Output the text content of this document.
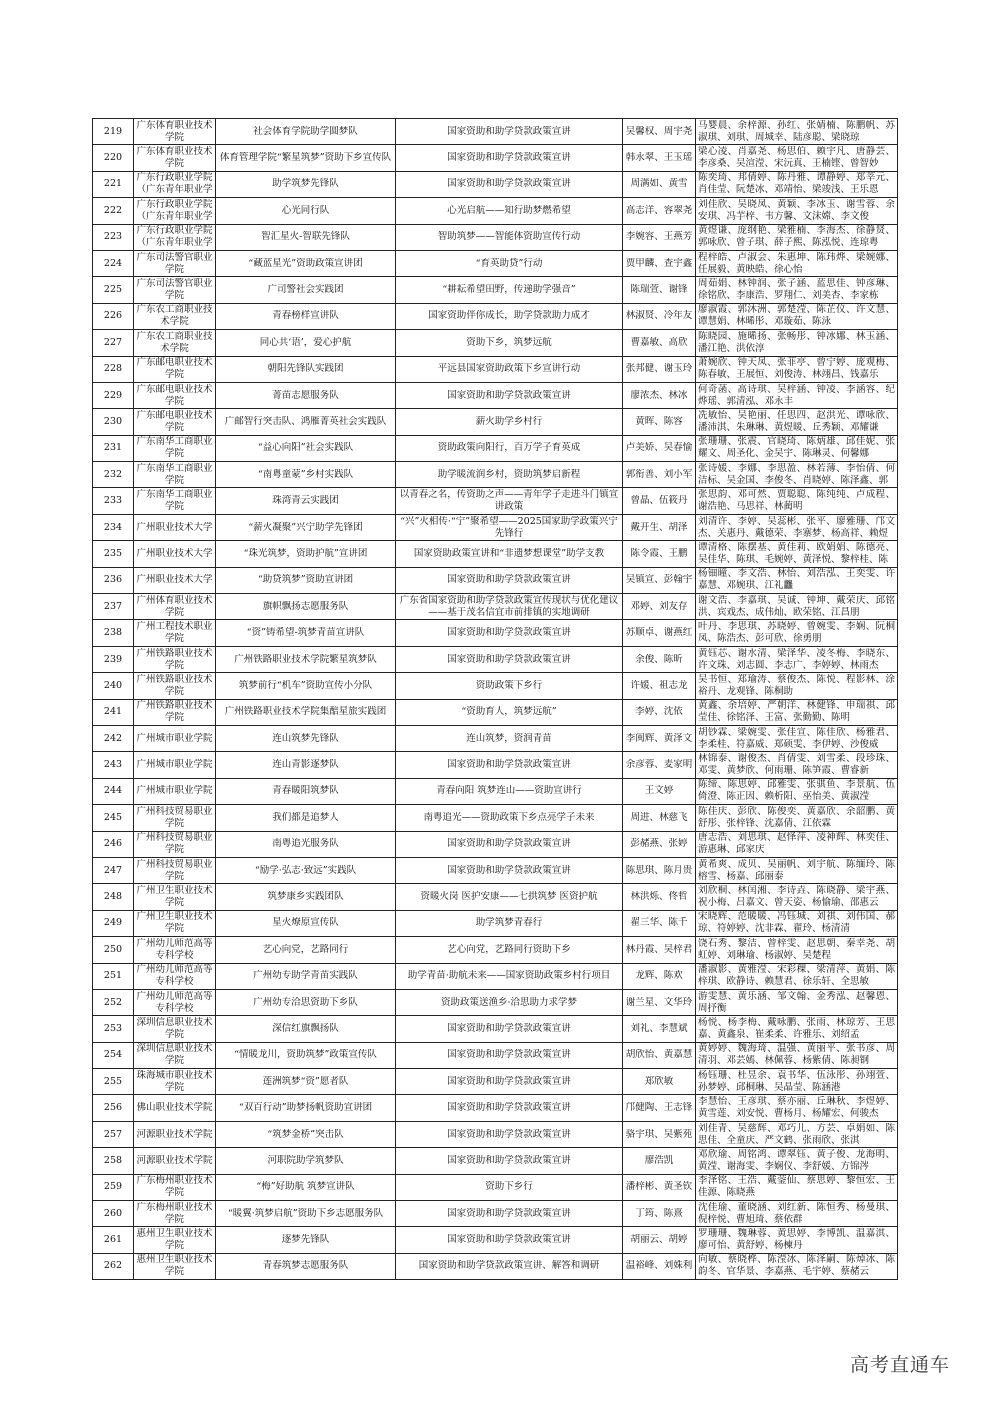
219	广东体育职业技术学院	社会体育学院助学圆梦队	国家资助和助学贷款政策宣讲	吴馨权、周宇尧	马婴晨、余梓源、孙红、张婧楠、陈鹏帆、苏淑琪、刘琪、周城幸、陆彦聪、梁晓琼

220	广东体育职业技术学院	体育管理学院“繁星筑梦”资助下乡宣传队	国家资助和助学贷款政策宣讲	韩永翠、王玉瑶	梁心凌、肖嘉尧、杨思伯、赖宇凡、唐静芸、李彦桑、吴渲滢、宋沅真、王楠铿、曾智妙

221	广东行政职业学院（广东青年职业学	助学筑梦先锋队	国家资助和助学贷款政策宣讲	周满如、黄雪	陈奕琦、邦倩婷、陈丹雅、谭静婷、郑莘元、肖佳莹、阮楚冰、邓靖怡、梁竣浅、王乐恩

222	广东行政职业学院（广东青年职业学	心光同行队	心光启航——知行助梦燃希望	高志洋、容翠尧	刘佳欣、吴晓凤、黄颖、李冰玉、谢雪蓉、余安琪、冯芋梓、韦方馨、文沫嫦、李文俊

223	广东行政职业学院（广东青年职业学	智汇星火-智联先锋队	智助筑梦——智能体资助宣传行动	李婉容、王燕芳	黄煜谦、庞纲艳、梁雅楠、李海杰、徐静贤、郭咏欣、曾子琪、薛子熙、陈泓悦、连琼粤

224	广东司法警官职业学院	“藏蓝星光”资助政策宣讲团	“育英助贷”行动	贾甲麟、查宇鑫	程梓皓、卢淑会、朱惠坤、陈玮烨、梁婉娜、任展毅、黄映皓、徐心怡

225	广东司法警官职业学院	广司警社会实践团	“耕耘希望田野，传递助学强音”	陈瑞萱、谢锋	周茹娟、林钟润、张子涵、蓝思佳、钟彦琳、徐铭欣、李康浩、罗翔仁、刘美杏、李家栋

226	广东农工商职业技术学院	青春榜样宣讲队	国家资助伴你成长，助学贷款助力成才	林淑贤、冷年友	廖淑霞、郭沐洲、郭楚滢、陈芷仪、许文慧、谭慧娟、林晞彤、邓璇茹、陈泳

227	广东农工商职业技术学院	同心共‘语’，爱心护航	资助下乡，筑梦远航	曹嘉敏、高欣	陈晓园、施晞扬、张畅彤、钟冰娜、林玉涵、潘江艳、洪依淳

228	广东邮电职业技术学院	朝阳先锋队实践团	平远县国家资助政策下乡宣讲行动	张邦健、谢玉玲	萧婉欣、钟天凤、张菲亭、曾宁婷、庞观梅、陈春敏、王展恒、刘俊涛、林翊昌、钱嘉乐

229	广东邮电职业技术学院	菁苗志愿服务队	国家资助和助学贷款政策宣讲	廖浓杰、林冰	何奇菡、高诗琪、吴梓涵、钟凌、李涵容、纪烨瑶、郭清泓、邓永丰

230	广东邮电职业技术学院	广邮智行突击队、鸿雁菁英社会实践队	薪火助学乡村行	黄晖、陈容	冼敏怡、吴艳丽、任思四、赵洪光、谭咏欣、潘沛淇、朱琳琳、黄煜暖、丘秀颖、邓耀谦

231	广东南华工商职业学院	“益心向阳”社会实践队	资助政策向阳行，百万学子育英成	卢美娇、吴春愉	张珊珊、张震、官晓琦、陈炳雄、邱佳妮、张耀文、周圣化、金吴宇、陈琳灵、何馨娜

232	广东南华工商职业学院	“南粤童蒙”乡村实践队	助学暖流润乡村，资助筑梦启新程	郭衔善、刘小军	张诗媛、李娜、李思盈、林若薄、李怡倩、何洁标、吴金国、李俊冬、肖晓婷、陈泽鑫、郭

233	广东南华工商职业学院	珠湾青云实践团	以青春之名，传资助之声——青年学子走进斗门镇宣讲政策	曾晶、伍筱丹	张思韵、邓可然、贾聪聪、陈纯纯、卢成程、谢浩艳、马思祥、林蔺明

234	广州职业技术大学	“薪火凝聚”兴宁助学先锋团	“兴”火相传·“宁”聚希望——2025国家助学政策兴宁先锋行	戴开生、胡泽	刘清许、李婷、吴蕊彬、张平、廖雅珊、邝文杰、关惠丹、戴德荣、李寨梦、杨高祥、赖煜

235	广州职业技术大学	“珠光筑梦，资助护航”宣讲团	国家资助政策宣讲和“非遗梦想课堂”助学支教	陈令霞、王鹏	谭清格、陈摆基、黄佳莉、欧娟娟、陈德亮、吴佳华、陈琪、毛婉婷、黄泽悦、黎梓桂、陈

236	广州职业技术大学	“助贷筑梦”资助宣讲团	国家资助和助学贷款政策宣讲	吴镇宣、彭翰宇	杨钿曈、李文浩、林怡、刘浩泓、王奕雯、许嘉慧、邓婉琪、江礼龘

237	广州体育职业技术学院	旗帜飘扬志愿服务队	广东省国家资助和助学贷款政策宣传现状与优化建议——基于茂名信宜市前排镇的实地调研	邓婷、刘友存	谢文浩、李嘉琪、吴诚、钟坤、戴荣庆、邱铭洪、宾戏杰、成伟灿、欧荣铭、江昌朋

238	广州工程技术职业学院	“资”铸希望-筑梦青苗宣讲队	国家资助和助学贷款政策宣讲	苏顺卓、谢燕红	叶丹、李思琪、苏晓婷、曾婉雯、李娴、阮桐凤、陈浩杰、彭可欣、徐勇朋

239	广州铁路职业技术学院	广州铁路职业技术学院繁星筑梦队	国家资助和助学贷款政策宣讲	余俊、陈昕	黄钰芯、谢水清、梁泽华、凌冬梅、李晓东、许文珠、刘志圆、李志广、李婷婷、林雨杰

240	广州铁路职业技术学院	筑梦前行“机车”资助宣传小分队	资助政策下乡行	许媛、祖志龙	吴书恒、郑瑜涛、蔡俊杰、陈悦、程影林、涂裕丹、龙观锋、陈桐助

241	广州铁路职业技术学院	广州铁路职业技术学院集醅星旅实践团	“资助育人，筑梦远航”	李婷、沈依	黄鑫、余培婷、严朝洋、林健锋、申瑞祺、邱莹佳、徐铭泽、王富、张勤勤、陈明

242	广州城市职业学院	连山筑梦先锋队	连山筑梦，资润青苗	李闽辉、黄泽文	胡钞霖、梁婉雯、张佳宣、陈佳欣、杨雅君、李柔桂、符嘉威、郑硕雯、李伊婷、沙俊威

243	广州城市职业学院	连山青影逐梦队	国家资助和助学贷款政策宣讲	余彦蓉、麦家明	林锦泰、谢俊杰、肖倩雯、刘雪柔、段珍珠、邓雯、黄梦欣、何雨珊、陈笋霞、曹睿新

244	广州城市职业学院	青春暖阳筑梦队	青春向阳 筑梦连山——资助宣讲行	王文婷	陈缔、陈思婷、邱雅雯、张骐鱼、李景航、伍倚澄、陈正因、赖析阳、巫怡美、黄淑滢

245	广州科技贸易职业学院	我们都是追梦人	南粤追光——资助政策下乡点亮学子未来	周进、林慈飞	陈佳庆、彭欣、陈俊奕、黄嘉欣、余韶鹏、黄舒彤、张梓锋、沈嘉倩、江依霖

246	广州科技贸易职业学院	南粤追光服务队	国家资助和助学贷款政策宣讲	彭赭燕、张婷	唐志浩、刘思琪、赵怿萍、凌神辉、林奕佳、游惠琳、邱家庆

247	广州科技贸易职业学院	“励学·弘志·致远”实践队	国家资助和助学贷款政策宣讲	陈思琪、陈月贵	黄希爽、成贝、吴丽帆、刘宇航、陈缅玲、陈榕雪、杨嘉、邱丽泰

248	广州卫生职业技术学院	筑梦康乡实践团队	资暖火岗 医护安康——七拱筑梦 医资护航	林洪烁、佟哲	刘欣桐、林闰湘、李诗垚、陈晓静、梁宇燕、祝小梅、吕嘉文、曾天姿、杨愉瑜、邵惠云

249	广州卫生职业技术学院	星火燎原宣传队	助学筑梦青春行	翟三华、陈千	宋晓辉、范暖暖、冯钰城、刘祺、刘伟国、郝琼、符婷婷、沈非霖、翟玲、杨清清

250	广州幼儿师范高等专科学校	艺心向党，艺路同行	艺心向党，艺路同行资助下乡	林丹霞、吴梓君	饶石秀、黎洁、曾梓雯、赵思朝、秦幸尧、胡虹婷、刘琳瑜、杨淑婷、吴楚程

251	广州幼儿师范高等专科学校	广州幼专助学青苗实践队	助学青苗·助航未来——国家资助政策乡村行项目	龙辉、陈欢	潘淑影、黄雅滢、宋彩稞、梁清萍、黄娟、陈梓琪、欧静诗、赖慧君、徐乐轩、全思敏

252	广州幼儿师范高等专科学校	广州幼专洽思资助下乡队	资助政策送渔乡·洽思助力求学梦	谢兰星、文华玲	游雯慧、黄乐涵、邹文翰、金秀泓、赵馨恩、周抒衡

253	深圳信息职业技术学院	深信红旗飘扬队	国家资助和助学贷款政策宣讲	刘礼、李慧斌	杨悦、杨李梅、戴咏鹏、张雨、林琼芳、王思嘉、黄鑫泉、崔柔柔、许雅乐、刘绍孟

254	深圳信息职业技术学院	“情暖龙川，资助筑梦”政策宣传队	国家资助和助学贷款政策宣讲	胡欣怡、黄嘉慧	黄婷婷、魏海琦、温强、黄丽平、张书彦、周清羽、邓芸嫣、林佩蓉、杨紫倩、陈昶钢

255	珠海城市职业技术学院	莲洲筑梦“资”愿者队	国家资助和助学贷款政策宣讲	郑欣敏	杨钰珊、杜昱余、袁书华、伍泳彤、孙翊萱、孙梦婷、邱桐琳、吴晶莹、陈涵港

256	佛山职业技术学院	“双百行动”助梦扬帆资助宣讲团	国家资助和助学贷款政策宣讲	邝健陶、王志锋	李慧怡、王彦琪、蔡亦丽、丘琳秋、李煜婷、黄雪莲、刘安悦、曹杨月、杨耀宏、何骏杰

257	河源职业技术学院	“筑梦金桥”突击队	国家资助和助学贷款政策宣讲	骆宇琪、吴紫苑	刘佳青、吴慈辉、邓巧儿、方芸、卓娟如、陈思佳、全童庆、严文鹤、张雨欣、张淇

258	河源职业技术学院	河职院助学筑梦队	国家资助和助学贷款政策宣讲	廖浩凯	邓欣瑜、周铭鸿、谭翠钰、黄子俊、龙海明、黄滢、谢海雯、李娴仪、李舒媛、方锦涔

259	广东梅州职业技术学院	“梅”好助航 筑梦宣讲队	资助下乡行	潘梓彬、黄圣钦	李泽铭、王浩、戴蓥仙、蔡思婷、黎恒宏、王佳源、陈晓燕

260	广东梅州职业技术学院	“暖翼·筑梦启航”资助下乡志愿服务队	国家资助和助学贷款政策宣讲	丁筠、陈熹	沈佳瑜、董晓涵、刘红新、陈恒秀、杨曼琪、倪梓悦、曹旭琦、蔡依群

261	惠州卫生职业技术学院	逐梦先锋队	国家资助和助学贷款政策宣讲	胡丽云、胡婷	罗珊珊、魏琳蓉、黄思婷、李博凯、温嘉淇、廖可怡、黄舒婷、杨楝丹

262	惠州卫生职业技术学院	青春筑梦志愿服务队	国家资助和助学贷款政策宣讲、解答和调研	温裕峰、刘姝利	向敏、蔡晓桦、陈滢冰、陈泽嗣、陈焯冰、陈韵冬、官华景、李嘉燕、毛宇婷、蔡赭云
高考直通车
